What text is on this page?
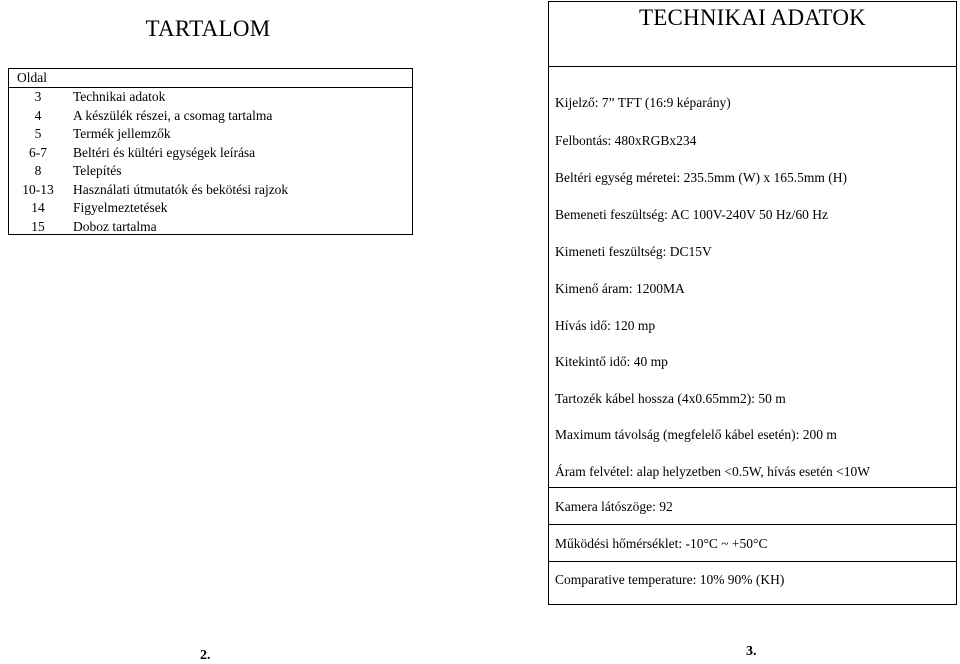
TARTALOM
Oldal
3	Technikai adatok
4	A készülék részei, a csomag tartalma
5	Termék jellemzők
6-7	Beltéri és kültéri egységek leírása
8	Telepítés
10-13	Használati útmutatók és bekötési rajzok
14	Figyelmeztetések
15	Doboz tartalma
TECHNIKAI ADATOK
Kijelző: 7” TFT (16:9 képarány)
Felbontás: 480xRGBx234
Beltéri egység méretei: 235.5mm (W) x 165.5mm (H)
Bemeneti feszültség: AC 100V-240V 50 Hz/60 Hz
Kimeneti feszültség: DC15V
Kimenő áram: 1200MA
Hívás idő: 120 mp
Kitekintő idő: 40 mp
Tartozék kábel hossza (4x0.65mm2): 50 m
Maximum távolság (megfelelő kábel esetén): 200 m
Áram felvétel: alap helyzetben <0.5W, hívás esetén <10W
Kamera látószöge: 92
Működési hőmérséklet: -10°C ~ +50°C
Comparative temperature: 10% 90% (KH)
2.	3.
